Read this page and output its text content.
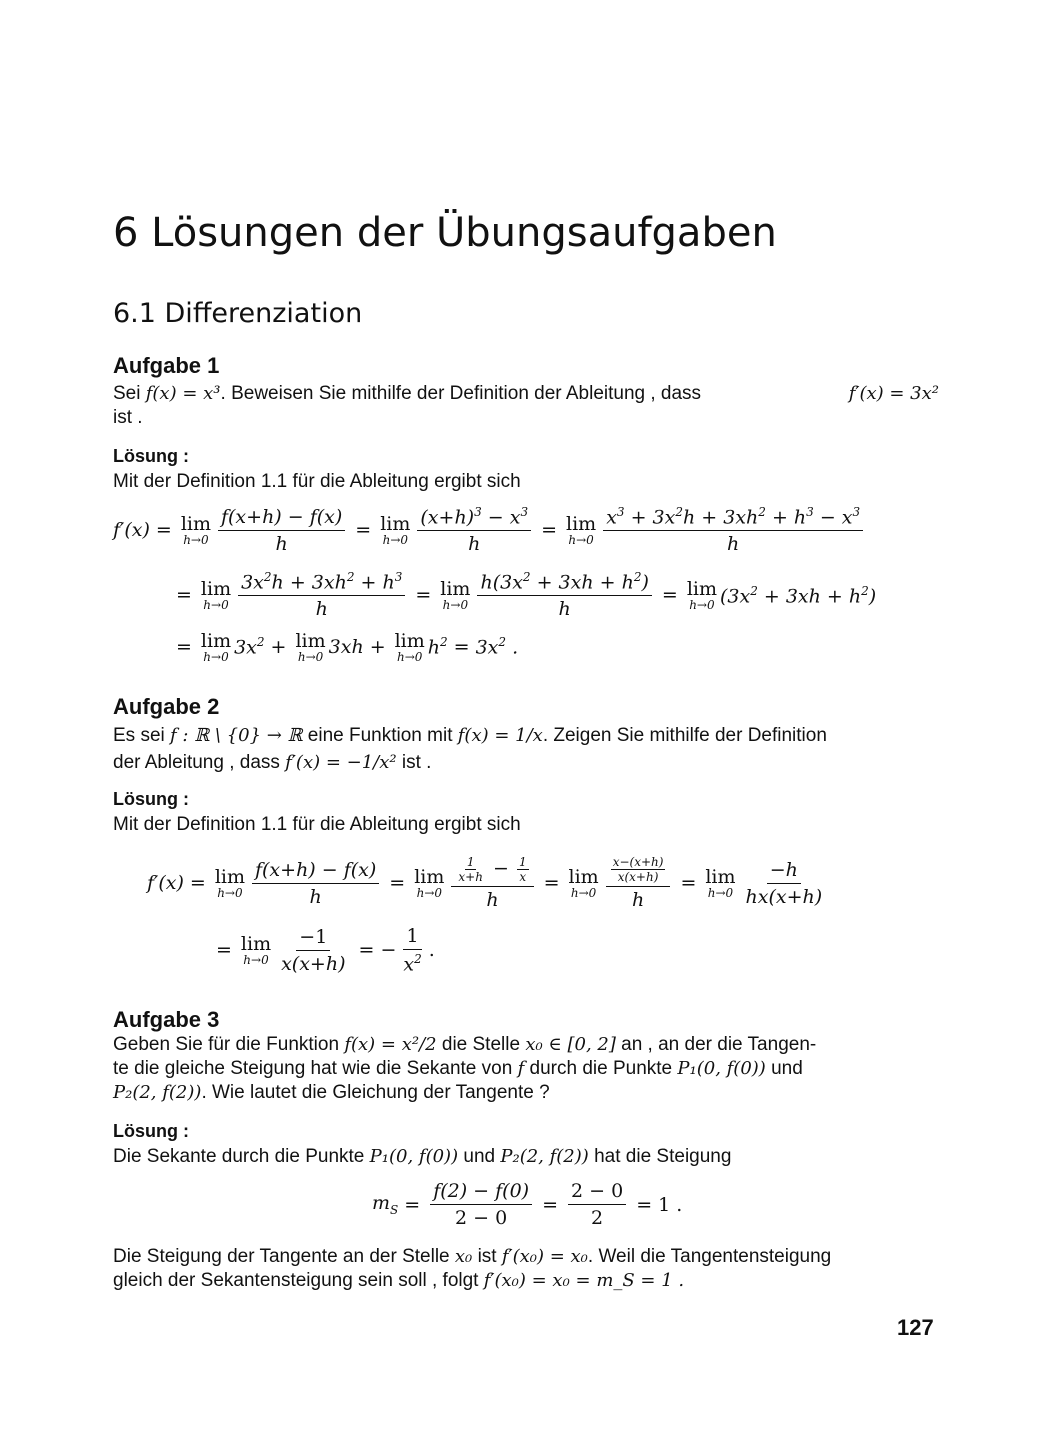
6 Lösungen der Übungsaufgaben
6.1 Differenziation
Aufgabe 1
Sei f(x) = x³. Beweisen Sie mithilfe der Definition der Ableitung , dass	f′(x) = 3x²

ist .
Lösung :
Mit der Definition 1.1 für die Ableitung ergibt sich
f′(x) = lim
$h\to 0 \frac{f(x+h) - f(x)}{h} = \lim$
$h\to 0 \frac{(x+h)^3 - x^3}{h} = \lim$
$h\to 0 \frac{x^3 + 3x^2h + 3xh^2 + h^3 - x^3}{h}$
= lim
$h\to 0 \frac{3x^2h + 3xh^2 + h^3}{h} = \lim$
$h\to 0 \frac{h(3x^2 + 3xh + h^2)}{h} = \lim$
h→0 $(3x^2 + 3xh + h^2)$
= lim
h→0 $3x^2 + \lim$
h→0 3xh + lim
h→0 $h^2 = 3x^2$ .
Aufgabe 2
Es sei f : ℝ \ {0} → ℝ eine Funktion mit f(x) = 1/x. Zeigen Sie mithilfe der Definition
der Ableitung , dass f′(x) = −1/x² ist .
Lösung :
Mit der Definition 1.1 für die Ableitung ergibt sich
f′(x) = lim
$h\to 0 \frac{f(x+h) - f(x)}{h} = \lim$
$h\to 0 \frac{\frac{1}{x+h} - \frac{1}{x}}{h} = \lim$
$h\to 0 \frac{\frac{x-(x+h)}{x(x+h)}}{h} = \lim$
$h\to 0 \frac{-h}{hx(x+h)}$
= lim
$h\to 0 \frac{-1}{x(x+h)}$ = − $\frac{1}{x^2}$ .
Aufgabe 3
Geben Sie für die Funktion f(x) = x²/2 die Stelle x₀ ∈ [0, 2] an , an der die Tangen-
te die gleiche Steigung hat wie die Sekante von f durch die Punkte P₁(0, f(0)) und
P₂(2, f(2)). Wie lautet die Gleichung der Tangente ?
Lösung :
Die Sekante durch die Punkte P₁(0, f(0)) und P₂(2, f(2)) hat die Steigung
$m_S = \frac{f(2) - f(0)}{2 - 0} = \frac{2 - 0}{2} = 1$ .
Die Steigung der Tangente an der Stelle x₀ ist f′(x₀) = x₀. Weil die Tangentensteigung
gleich der Sekantensteigung sein soll , folgt f′(x₀) = x₀ = m_S = 1 .
127
